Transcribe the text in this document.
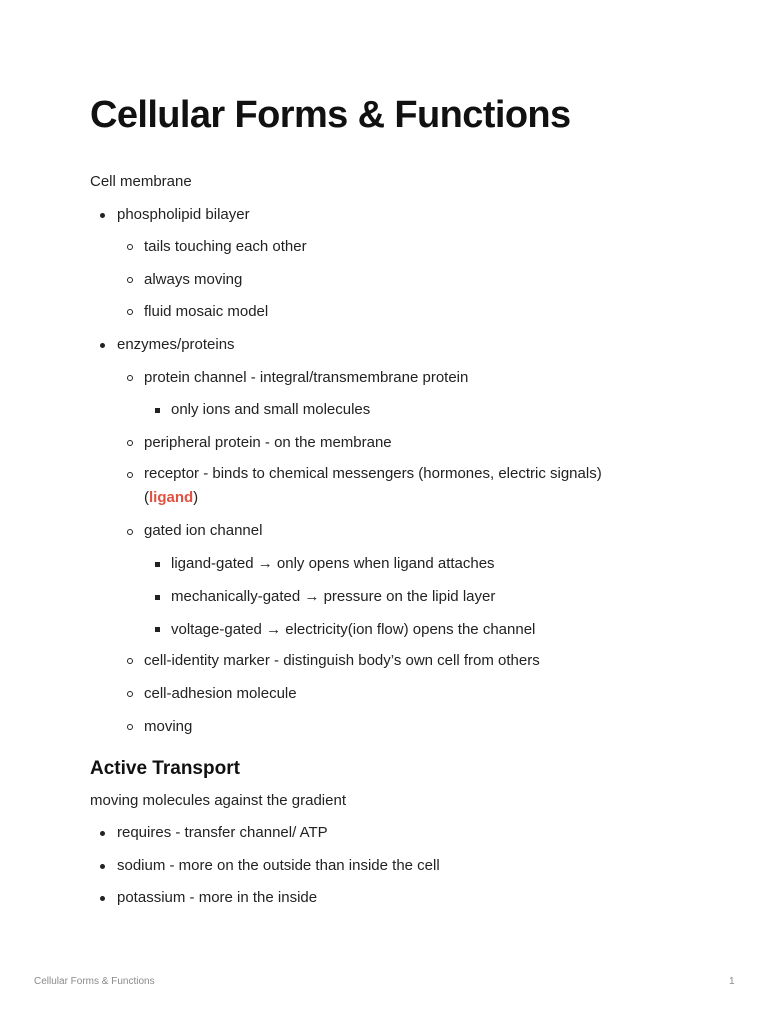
Cellular Forms & Functions
Cell membrane
phospholipid bilayer
tails touching each other
always moving
fluid mosaic model
enzymes/proteins
protein channel - integral/transmembrane protein
only ions and small molecules
peripheral protein - on the membrane
receptor - binds to chemical messengers (hormones, electric signals)
(ligand)
gated ion channel
ligand-gated → only opens when ligand attaches
mechanically-gated → pressure on the lipid layer
voltage-gated → electricity(ion flow) opens the channel
cell-identity marker - distinguish body’s own cell from others
cell-adhesion molecule
moving
Active Transport
moving molecules against the gradient
requires - transfer channel/ ATP
sodium - more on the outside than inside the cell
potassium - more in the inside
Cellular Forms & Functions	1
